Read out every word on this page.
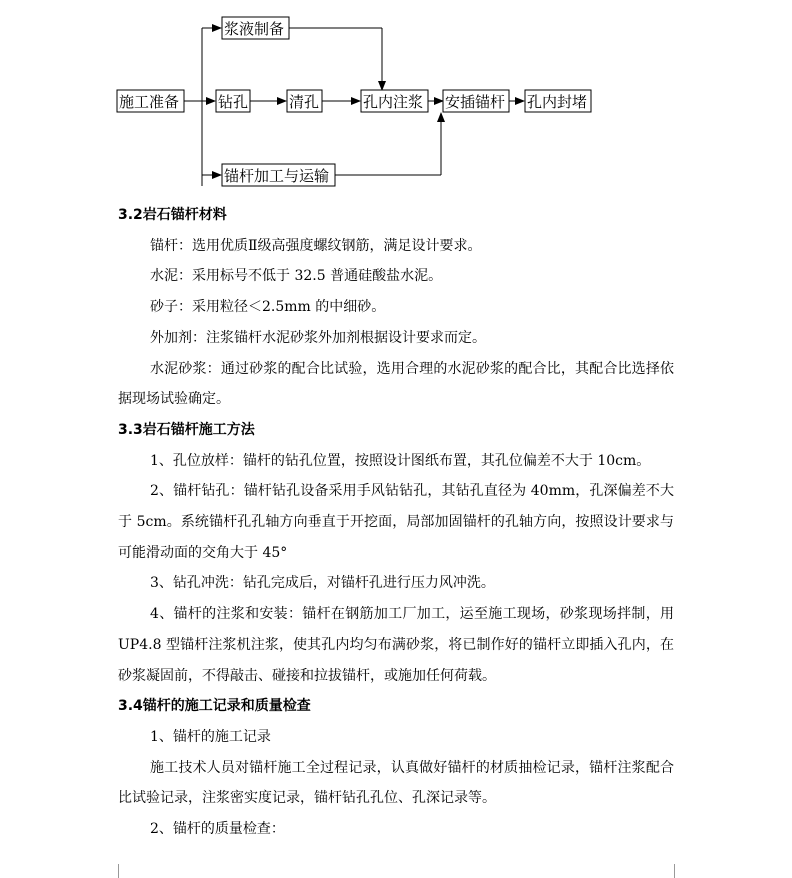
施工准备
浆液制备
钻孔	清孔	孔内注浆 安插锚杆 孔内封堵
锚杆加工与运输
3.2岩石锚杆材料

锚杆：选用优质Ⅱ级高强度螺纹钢筋，满足设计要求。

水泥：采用标号不低于 32.5 普通硅酸盐水泥。

砂子：采用粒径＜2.5mm 的中细砂。

外加剂：注浆锚杆水泥砂浆外加剂根据设计要求而定。

水泥砂浆：通过砂浆的配合比试验，选用合理的水泥砂浆的配合比，其配合比选择依据现场试验确定。

3.3岩石锚杆施工方法

1、孔位放样：锚杆的钻孔位置，按照设计图纸布置，其孔位偏差不大于 10cm。

2、锚杆钻孔：锚杆钻孔设备采用手风钻钻孔，其钻孔直径为 40mm，孔深偏差不大于 5cm。系统锚杆孔孔轴方向垂直于开挖面，局部加固锚杆的孔轴方向，按照设计要求与可能滑动面的交角大于 45°

3、钻孔冲洗：钻孔完成后，对锚杆孔进行压力风冲洗。

4、锚杆的注浆和安装：锚杆在钢筋加工厂加工，运至施工现场，砂浆现场拌制，用 UP4.8 型锚杆注浆机注浆，使其孔内均匀布满砂浆，将已制作好的锚杆立即插入孔内，在砂浆凝固前，不得敲击、碰接和拉拔锚杆，或施加任何荷载。

3.4锚杆的施工记录和质量检查

1、锚杆的施工记录

施工技术人员对锚杆施工全过程记录，认真做好锚杆的材质抽检记录，锚杆注浆配合比试验记录，注浆密实度记录，锚杆钻孔孔位、孔深记录等。

2、锚杆的质量检查：
